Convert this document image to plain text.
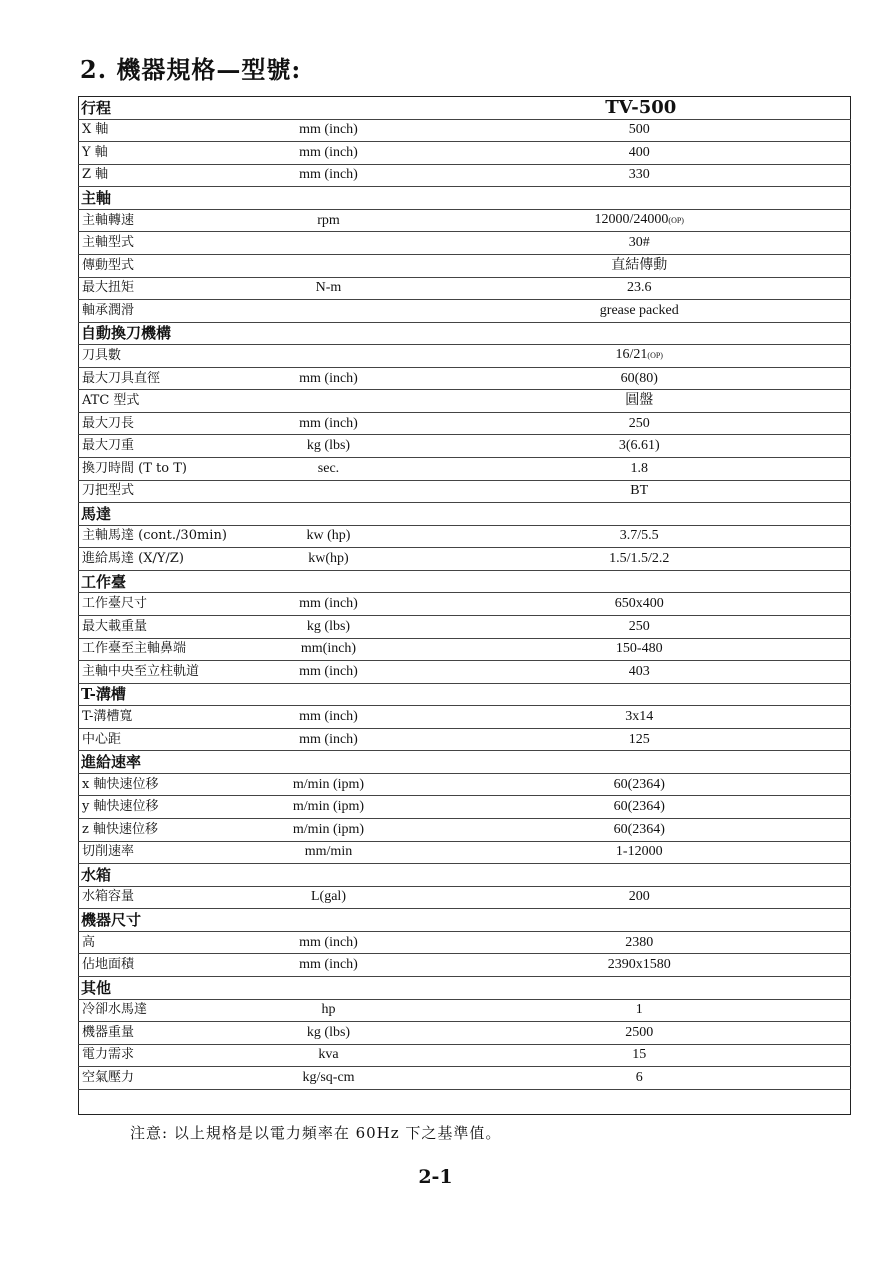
2. 機器規格—型號:
行程		TV-500
X 軸	mm (inch)	500
Y 軸	mm (inch)	400
Z 軸	mm (inch)	330
主軸		
主軸轉速	rpm	12000/24000(OP)
主軸型式		30#
傳動型式		直結傳動
最大扭矩	N-m	23.6
軸承潤滑		grease packed
自動換刀機構		
刀具數		16/21(OP)
最大刀具直徑	mm (inch)	60(80)
ATC 型式		圓盤
最大刀長	mm (inch)	250
最大刀重	kg (lbs)	3(6.61)
換刀時間 (T to T)	sec.	1.8
刀把型式		BT
馬達		
主軸馬達 (cont./30min)	kw (hp)	3.7/5.5
進給馬達 (X/Y/Z)	kw(hp)	1.5/1.5/2.2
工作臺		
工作臺尺寸	mm (inch)	650x400
最大載重量	kg (lbs)	250
工作臺至主軸鼻端	mm(inch)	150-480
主軸中央至立柱軌道	mm (inch)	403
T-溝槽		
T-溝槽寬	mm (inch)	3x14
中心距	mm (inch)	125
進給速率		
x 軸快速位移	m/min (ipm)	60(2364)
y 軸快速位移	m/min (ipm)	60(2364)
z 軸快速位移	m/min (ipm)	60(2364)
切削速率	mm/min	1-12000
水箱		
水箱容量	L(gal)	200
機器尺寸		
高	mm (inch)	2380
佔地面積	mm (inch)	2390x1580
其他		
冷卻水馬達	hp	1
機器重量	kg (lbs)	2500
電力需求	kva	15
空氣壓力	kg/sq-cm	6

注意: 以上規格是以電力頻率在 60Hz 下之基準值。
2-1
